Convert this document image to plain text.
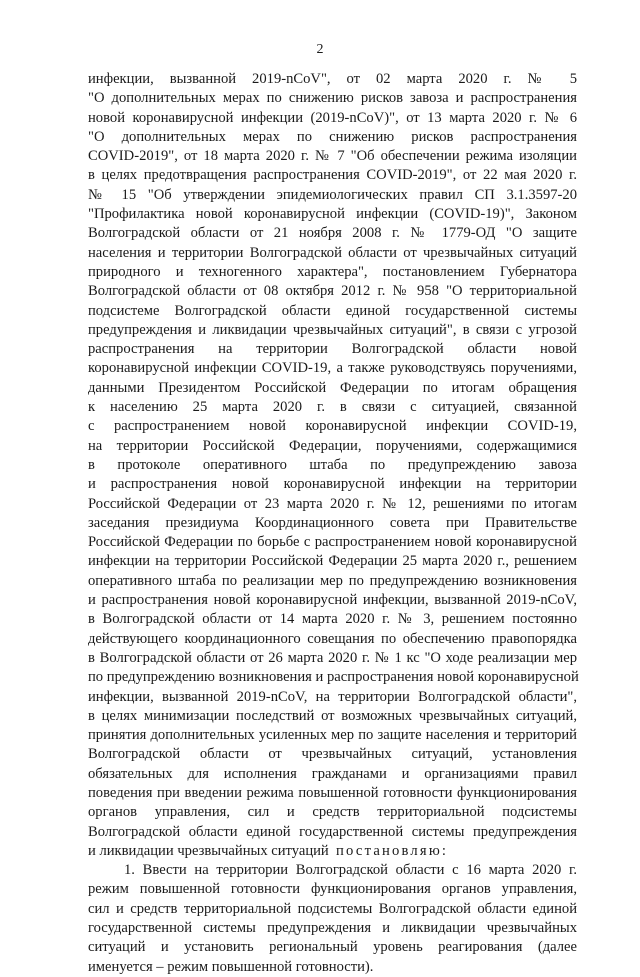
2
инфекции, вызванной 2019-nCoV", от 02 марта 2020 г. № 5
"О дополнительных мерах по снижению рисков завоза и распространения
новой коронавирусной инфекции (2019-nCoV)", от 13 марта 2020 г. № 6
"О дополнительных мерах по снижению рисков распространения
COVID-2019", от 18 марта 2020 г. № 7 "Об обеспечении режима изоляции
в целях предотвращения распространения COVID-2019", от 22 мая 2020 г.
№ 15 "Об утверждении эпидемиологических правил СП 3.1.3597-20
"Профилактика новой коронавирусной инфекции (COVID-19)", Законом
Волгоградской области от 21 ноября 2008 г. № 1779-ОД "О защите
населения и территории Волгоградской области от чрезвычайных ситуаций
природного и техногенного характера", постановлением Губернатора
Волгоградской области от 08 октября 2012 г. № 958 "О территориальной
подсистеме Волгоградской области единой государственной системы
предупреждения и ликвидации чрезвычайных ситуаций", в связи с угрозой
распространения на территории Волгоградской области новой
коронавирусной инфекции COVID-19, а также руководствуясь поручениями,
данными Президентом Российской Федерации по итогам обращения
к населению 25 марта 2020 г. в связи с ситуацией, связанной
с распространением новой коронавирусной инфекции COVID-19,
на территории Российской Федерации, поручениями, содержащимися
в протоколе оперативного штаба по предупреждению завоза
и распространения новой коронавирусной инфекции на территории
Российской Федерации от 23 марта 2020 г. № 12, решениями по итогам
заседания президиума Координационного совета при Правительстве
Российской Федерации по борьбе с распространением новой коронавирусной
инфекции на территории Российской Федерации 25 марта 2020 г., решением
оперативного штаба по реализации мер по предупреждению возникновения
и распространения новой коронавирусной инфекции, вызванной 2019-nCoV,
в Волгоградской области от 14 марта 2020 г. № 3, решением постоянно
действующего координационного совещания по обеспечению правопорядка
в Волгоградской области от 26 марта 2020 г. № 1 кс "О ходе реализации мер
по предупреждению возникновения и распространения новой коронавирусной
инфекции, вызванной 2019-nCoV, на территории Волгоградской области",
в целях минимизации последствий от возможных чрезвычайных ситуаций,
принятия дополнительных усиленных мер по защите населения и территорий
Волгоградской области от чрезвычайных ситуаций, установления
обязательных для исполнения гражданами и организациями правил
поведения при введении режима повышенной готовности функционирования
органов управления, сил и средств территориальной подсистемы
Волгоградской области единой государственной системы предупреждения
и ликвидации чрезвычайных ситуаций постановляю:
1. Ввести на территории Волгоградской области с 16 марта 2020 г.
режим повышенной готовности функционирования органов управления,
сил и средств территориальной подсистемы Волгоградской области единой
государственной системы предупреждения и ликвидации чрезвычайных
ситуаций и установить региональный уровень реагирования (далее
именуется – режим повышенной готовности).
